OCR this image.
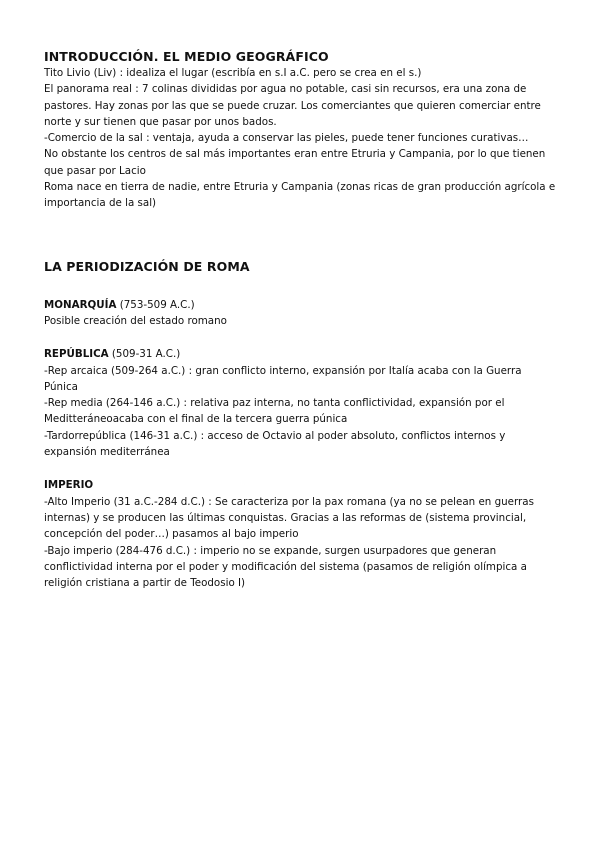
INTRODUCCIÓN. EL MEDIO GEOGRÁFICO

Tito Livio (Liv) : idealiza el lugar (escribía en s.I a.C. pero se crea en el s.)

El panorama real : 7 colinas divididas por agua no potable, casi sin recursos, era una zona de pastores. Hay zonas por las que se puede cruzar. Los comerciantes que quieren comerciar entre norte y sur tienen que pasar por unos bados.

-Comercio de la sal : ventaja, ayuda a conservar las pieles, puede tener funciones curativas…

No obstante los centros de sal más importantes eran entre Etruria y Campania, por lo que tienen que pasar por Lacio

Roma nace en tierra de nadie, entre Etruria y Campania (zonas ricas de gran producción agrícola e importancia de la sal)

LA PERIODIZACIÓN DE ROMA

MONARQUÍA (753-509 A.C.)

Posible creación del estado romano

REPÚBLICA (509-31 A.C.)

-Rep arcaica (509-264 a.C.) : gran conflicto interno, expansión por Italía acaba con la Guerra Púnica

-Rep media (264-146 a.C.) : relativa paz interna, no tanta conflictividad, expansión por el Meditteráneoacaba con el final de la tercera guerra púnica

-Tardorrepública (146-31 a.C.) : acceso de Octavio al poder absoluto, conflictos internos y expansión mediterránea

IMPERIO

-Alto Imperio (31 a.C.-284 d.C.) : Se caracteriza por la pax romana (ya no se pelean en guerras internas) y se producen las últimas conquistas. Gracias a las reformas de (sistema provincial, concepción del poder…) pasamos al bajo imperio

-Bajo imperio (284-476 d.C.) : imperio no se expande, surgen usurpadores que generan conflictividad interna por el poder y modificación del sistema (pasamos de religión olímpica a religión cristiana a partir de Teodosio I)
